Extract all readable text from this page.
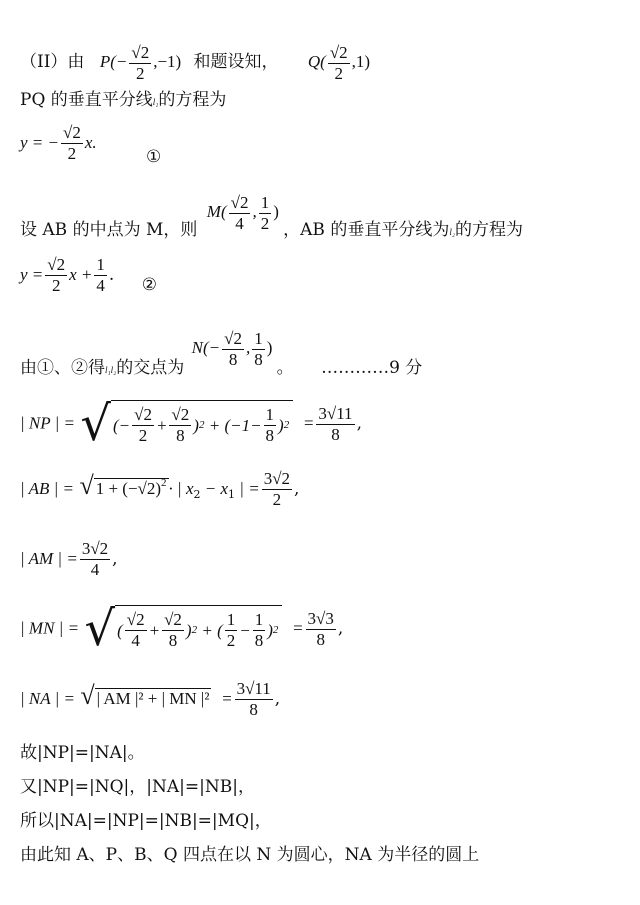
（II）由 $P(- \frac{√2}{2} ,-1)$ 和题设知， $Q( \frac{√2}{2} ,1)$
PQ 的垂直平分线l₁的方程为
y = − $\frac{√2}{2} x$. ①
设 AB 的中点为 M，则 $M( \frac{√2}{4}$ , $\frac{1}{2}$ ) ，AB 的垂直平分线为l₂的方程为
$y = \frac{√2}{2}$ $x + \frac{1}{4}$ . ②
由①、②得l₁l₂的交点为 $N(- \frac{√2}{8}$ , $\frac{1}{8}$ ) 。 …………9 分
| NP | = √ (− $\frac{√2}{2} + \frac{√2}{8}$ ) $2 + (-1- \frac{1}{8}$ ) $2 = \frac{3√11}{8}$ ,
| AB | = √ $1 + (-√2)^2$ · | $x_2 - x_1$ | = $\frac{3√2}{2}$ ,
| AM | = $\frac{3√2}{4}$ ,
| MN | = √ ( $\frac{√2}{4} + \frac{√2}{8}$ ) 2 + ( $\frac{1}{2} - \frac{1}{8}$ ) $2 = \frac{3√3}{8}$ ,
| NA | = √ | AM |² + | MN $|^2 = \frac{3√11}{8}$ ,
故|NP|=|NA|。
又|NP|=|NQ|，|NA|=|NB|，
所以|NA|=|NP|=|NB|=|MQ|，
由此知 A、P、B、Q 四点在以 N 为圆心，NA 为半径的圆上
